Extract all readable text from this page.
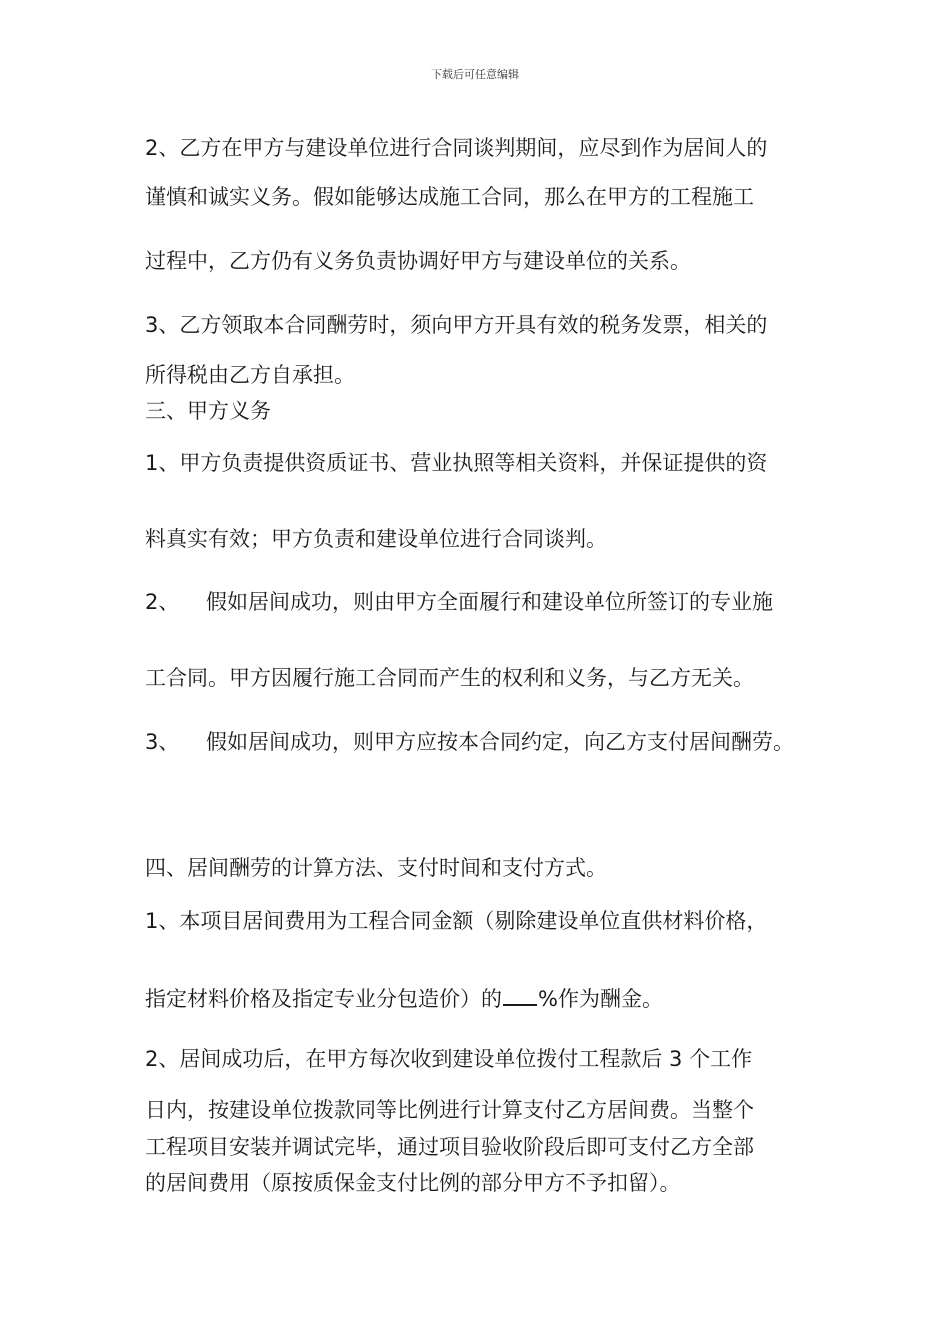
下载后可任意编辑
2、乙方在甲方与建设单位进行合同谈判期间，应尽到作为居间人的
谨慎和诚实义务。假如能够达成施工合同，那么在甲方的工程施工
过程中，乙方仍有义务负责协调好甲方与建设单位的关系。
3、乙方领取本合同酬劳时，须向甲方开具有效的税务发票，相关的
所得税由乙方自承担。
三、甲方义务
1、甲方负责提供资质证书、营业执照等相关资料，并保证提供的资
料真实有效；甲方负责和建设单位进行合同谈判。
2、    假如居间成功，则由甲方全面履行和建设单位所签订的专业施
工合同。甲方因履行施工合同而产生的权利和义务，与乙方无关。
3、    假如居间成功，则甲方应按本合同约定，向乙方支付居间酬劳。
四、居间酬劳的计算方法、支付时间和支付方式。
1、本项目居间费用为工程合同金额（剔除建设单位直供材料价格，
指定材料价格及指定专业分包造价）的 %作为酬金。
2、居间成功后，在甲方每次收到建设单位拨付工程款后 3 个工作
日内，按建设单位拨款同等比例进行计算支付乙方居间费。当整个
工程项目安装并调试完毕，通过项目验收阶段后即可支付乙方全部
的居间费用（原按质保金支付比例的部分甲方不予扣留）。
